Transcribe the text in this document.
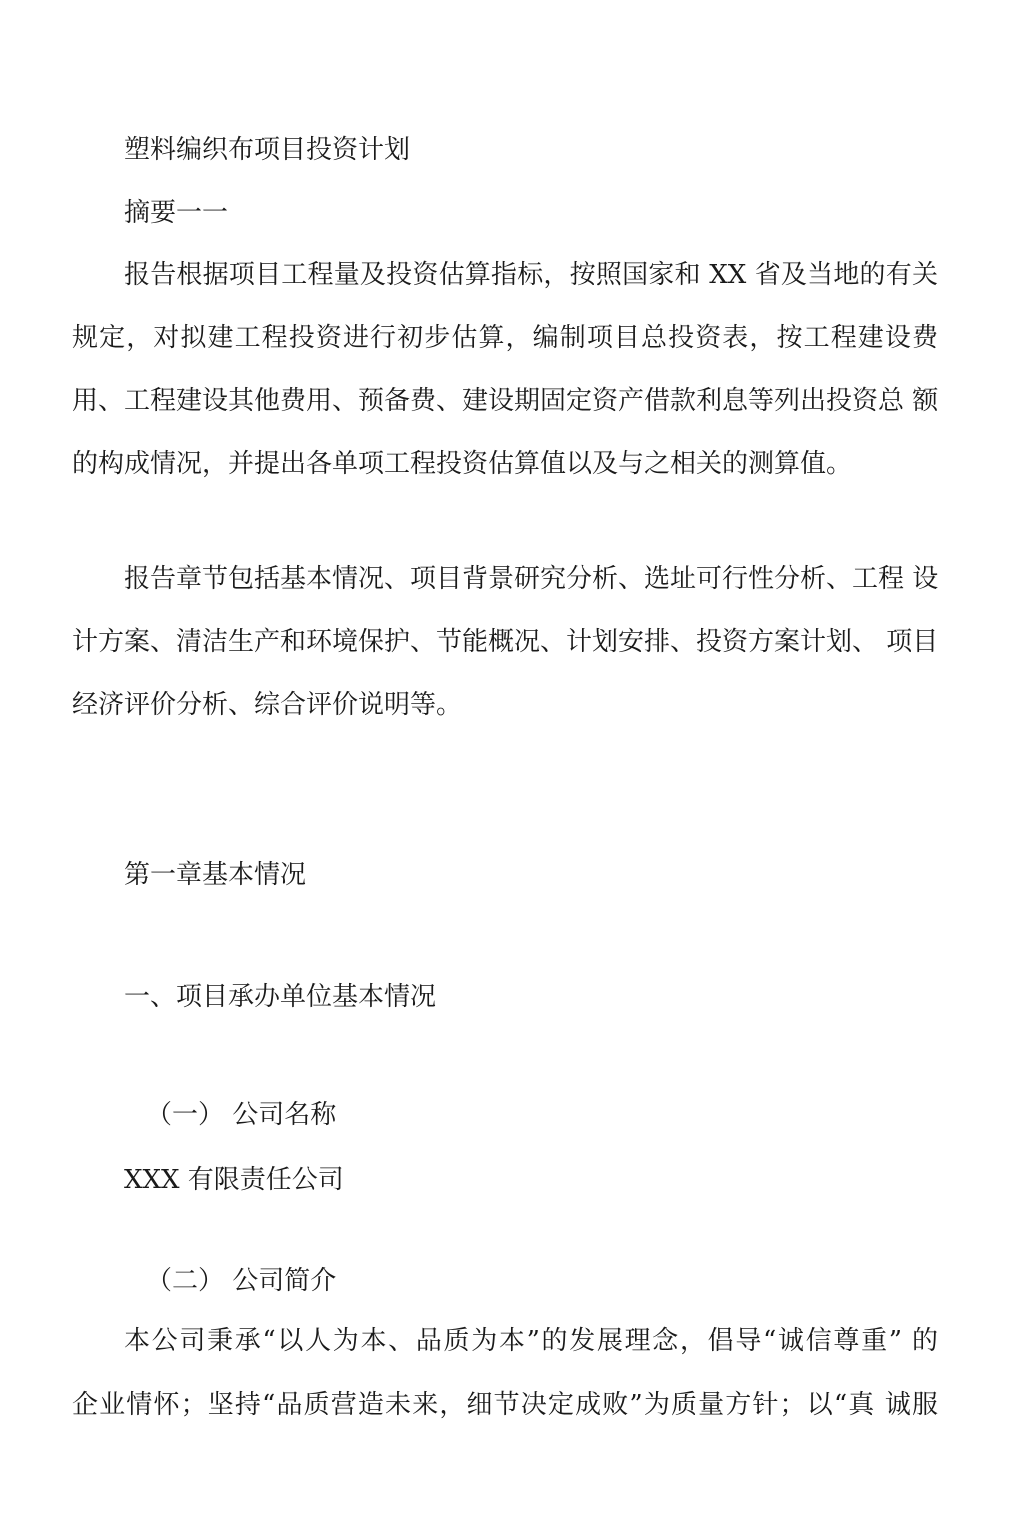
塑料编织布项目投资计划

摘要一一

报告根据项目工程量及投资估算指标，按照国家和 XX 省及当地的有关

规定，对拟建工程投资进行初步估算，编制项目总投资表，按工程建设费

用、工程建设其他费用、预备费、建设期固定资产借款利息等列出投资总 额

的构成情况，并提出各单项工程投资估算值以及与之相关的测算值。

报告章节包括基本情况、项目背景研究分析、选址可行性分析、工程 设

计方案、清洁生产和环境保护、节能概况、计划安排、投资方案计划、 项目

经济评价分析、综合评价说明等。

第一章基本情况

一、项目承办单位基本情况

（一） 公司名称

XXX 有限责任公司

（二） 公司简介

本公司秉承“以人为本、品质为本”的发展理念，倡导“诚信尊重” 的

企业情怀；坚持“品质营造未来，细节决定成败”为质量方针；以“真 诚服
